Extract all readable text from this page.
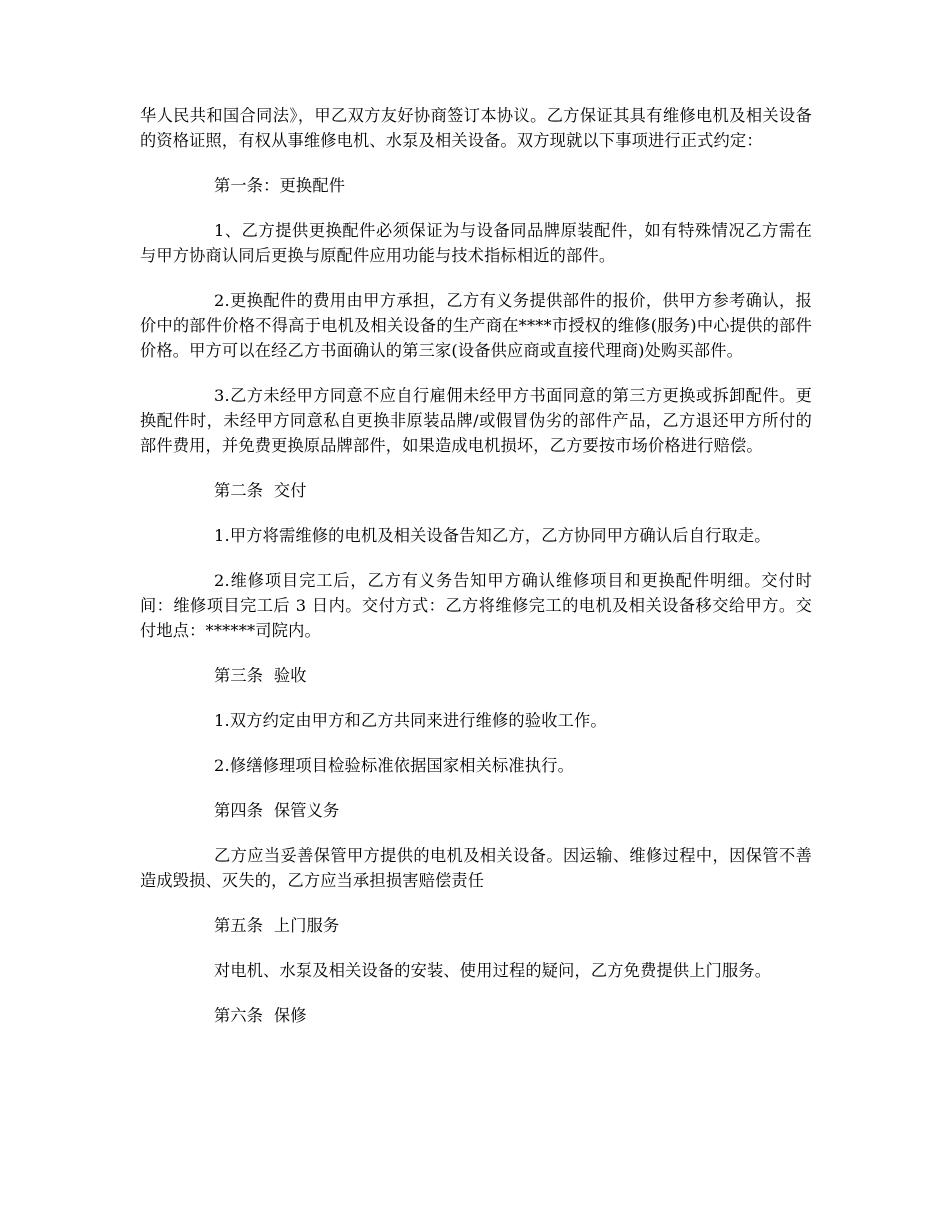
华人民共和国合同法》，甲乙双方友好协商签订本协议。乙方保证其具有维修电机及相关设备的资格证照，有权从事维修电机、水泵及相关设备。双方现就以下事项进行正式约定：

第一条：更换配件

1、乙方提供更换配件必须保证为与设备同品牌原装配件，如有特殊情况乙方需在与甲方协商认同后更换与原配件应用功能与技术指标相近的部件。

2.更换配件的费用由甲方承担，乙方有义务提供部件的报价，供甲方参考确认，报价中的部件价格不得高于电机及相关设备的生产商在****市授权的维修(服务)中心提供的部件价格。甲方可以在经乙方书面确认的第三家(设备供应商或直接代理商)处购买部件。

3.乙方未经甲方同意不应自行雇佣未经甲方书面同意的第三方更换或拆卸配件。更换配件时，未经甲方同意私自更换非原装品牌/或假冒伪劣的部件产品，乙方退还甲方所付的部件费用，并免费更换原品牌部件，如果造成电机损坏，乙方要按市场价格进行赔偿。

第二条  交付

1.甲方将需维修的电机及相关设备告知乙方，乙方协同甲方确认后自行取走。

2.维修项目完工后，乙方有义务告知甲方确认维修项目和更换配件明细。交付时间：维修项目完工后 3 日内。交付方式：乙方将维修完工的电机及相关设备移交给甲方。交付地点：******司院内。

第三条  验收

1.双方约定由甲方和乙方共同来进行维修的验收工作。

2.修缮修理项目检验标准依据国家相关标准执行。

第四条  保管义务

乙方应当妥善保管甲方提供的电机及相关设备。因运输、维修过程中，因保管不善造成毁损、灭失的，乙方应当承担损害赔偿责任

第五条  上门服务

对电机、水泵及相关设备的安装、使用过程的疑问，乙方免费提供上门服务。

第六条  保修
